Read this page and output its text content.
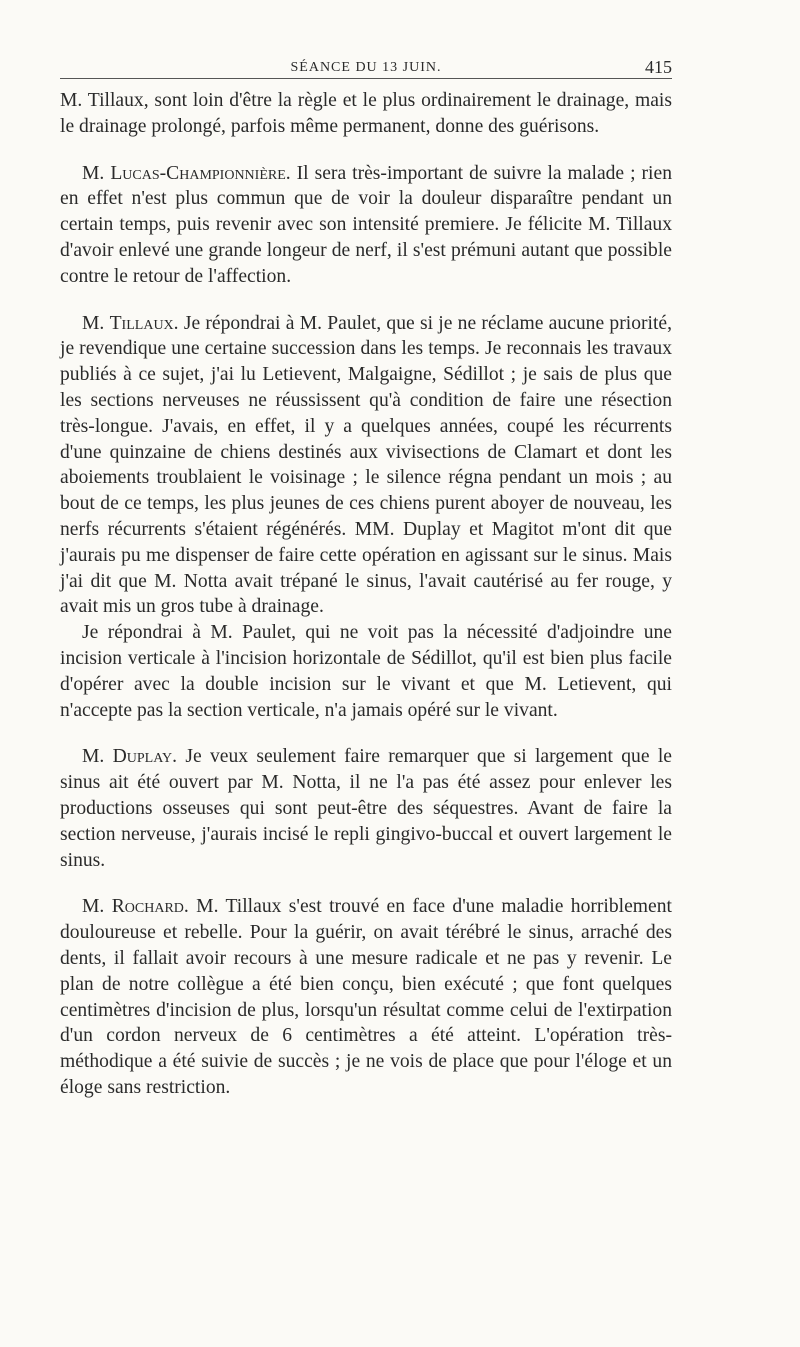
SÉANCE DU 13 JUIN.	415

M. Tillaux, sont loin d'être la règle et le plus ordinairement le drainage, mais le drainage prolongé, parfois même permanent, donne des guérisons.

M. Lucas-Championnière. Il sera très-important de suivre la malade ; rien en effet n'est plus commun que de voir la douleur disparaître pendant un certain temps, puis revenir avec son intensité premiere. Je félicite M. Tillaux d'avoir enlevé une grande longeur de nerf, il s'est prémuni autant que possible contre le retour de l'affection.

M. Tillaux. Je répondrai à M. Paulet, que si je ne réclame aucune priorité, je revendique une certaine succession dans les temps. Je reconnais les travaux publiés à ce sujet, j'ai lu Letievent, Malgaigne, Sédillot ; je sais de plus que les sections nerveuses ne réussissent qu'à condition de faire une résection très-longue. J'avais, en effet, il y a quelques années, coupé les récurrents d'une quinzaine de chiens destinés aux vivisections de Clamart et dont les aboiements troublaient le voisinage ; le silence régna pendant un mois ; au bout de ce temps, les plus jeunes de ces chiens purent aboyer de nouveau, les nerfs récurrents s'étaient régénérés. MM. Duplay et Magitot m'ont dit que j'aurais pu me dispenser de faire cette opération en agissant sur le sinus. Mais j'ai dit que M. Notta avait trépané le sinus, l'avait cautérisé au fer rouge, y avait mis un gros tube à drainage.

Je répondrai à M. Paulet, qui ne voit pas la nécessité d'adjoindre une incision verticale à l'incision horizontale de Sédillot, qu'il est bien plus facile d'opérer avec la double incision sur le vivant et que M. Letievent, qui n'accepte pas la section verticale, n'a jamais opéré sur le vivant.

M. Duplay. Je veux seulement faire remarquer que si largement que le sinus ait été ouvert par M. Notta, il ne l'a pas été assez pour enlever les productions osseuses qui sont peut-être des séquestres. Avant de faire la section nerveuse, j'aurais incisé le repli gingivo-buccal et ouvert largement le sinus.

M. Rochard. M. Tillaux s'est trouvé en face d'une maladie horriblement douloureuse et rebelle. Pour la guérir, on avait térébré le sinus, arraché des dents, il fallait avoir recours à une mesure radicale et ne pas y revenir. Le plan de notre collègue a été bien conçu, bien exécuté ; que font quelques centimètres d'incision de plus, lorsqu'un résultat comme celui de l'extirpation d'un cordon nerveux de 6 centimètres a été atteint. L'opération très-méthodique a été suivie de succès ; je ne vois de place que pour l'éloge et un éloge sans restriction.
